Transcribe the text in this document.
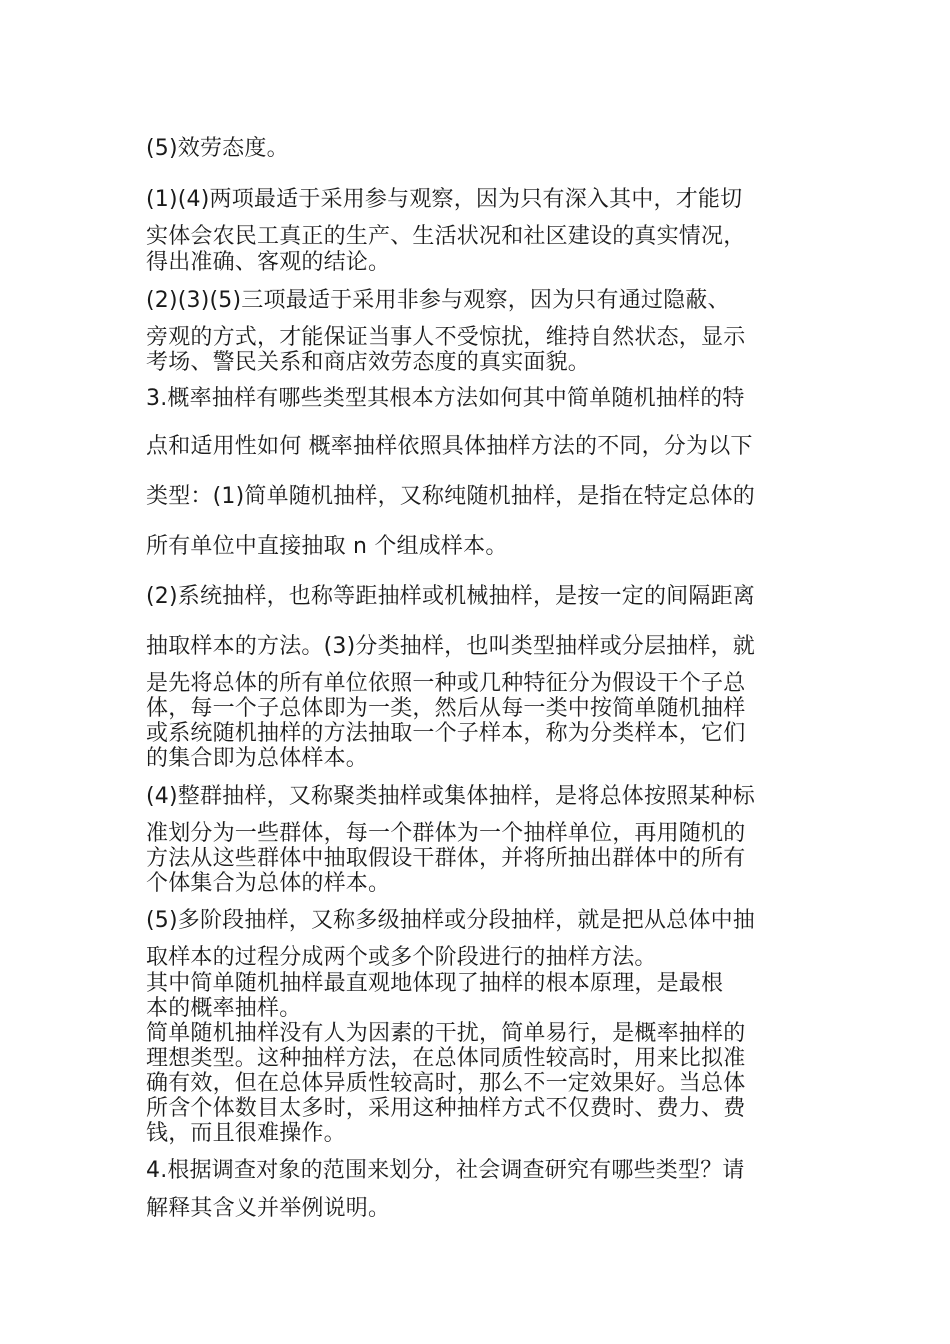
(5)效劳态度。

(1)(4)两项最适于采用参与观察，因为只有深入其中，才能切

实体会农民工真正的生产、生活状况和社区建设的真实情况，

得出准确、客观的结论。

(2)(3)(5)三项最适于采用非参与观察，因为只有通过隐蔽、

旁观的方式，才能保证当事人不受惊扰，维持自然状态，显示

考场、警民关系和商店效劳态度的真实面貌。

3.概率抽样有哪些类型其根本方法如何其中简单随机抽样的特

点和适用性如何 概率抽样依照具体抽样方法的不同，分为以下

类型：(1)简单随机抽样，又称纯随机抽样，是指在特定总体的

所有单位中直接抽取 n 个组成样本。

(2)系统抽样，也称等距抽样或机械抽样，是按一定的间隔距离

抽取样本的方法。(3)分类抽样，也叫类型抽样或分层抽样，就

是先将总体的所有单位依照一种或几种特征分为假设干个子总

体，每一个子总体即为一类，然后从每一类中按简单随机抽样

或系统随机抽样的方法抽取一个子样本，称为分类样本，它们

的集合即为总体样本。

(4)整群抽样，又称聚类抽样或集体抽样，是将总体按照某种标

准划分为一些群体，每一个群体为一个抽样单位，再用随机的

方法从这些群体中抽取假设干群体，并将所抽出群体中的所有

个体集合为总体的样本。

(5)多阶段抽样，又称多级抽样或分段抽样，就是把从总体中抽

取样本的过程分成两个或多个阶段进行的抽样方法。

其中简单随机抽样最直观地体现了抽样的根本原理，是最根

本的概率抽样。

简单随机抽样没有人为因素的干扰，简单易行，是概率抽样的

理想类型。这种抽样方法，在总体同质性较高时，用来比拟准

确有效，但在总体异质性较高时，那么不一定效果好。当总体

所含个体数目太多时，采用这种抽样方式不仅费时、费力、费

钱，而且很难操作。

4.根据调查对象的范围来划分，社会调查研究有哪些类型？请

解释其含义并举例说明。
